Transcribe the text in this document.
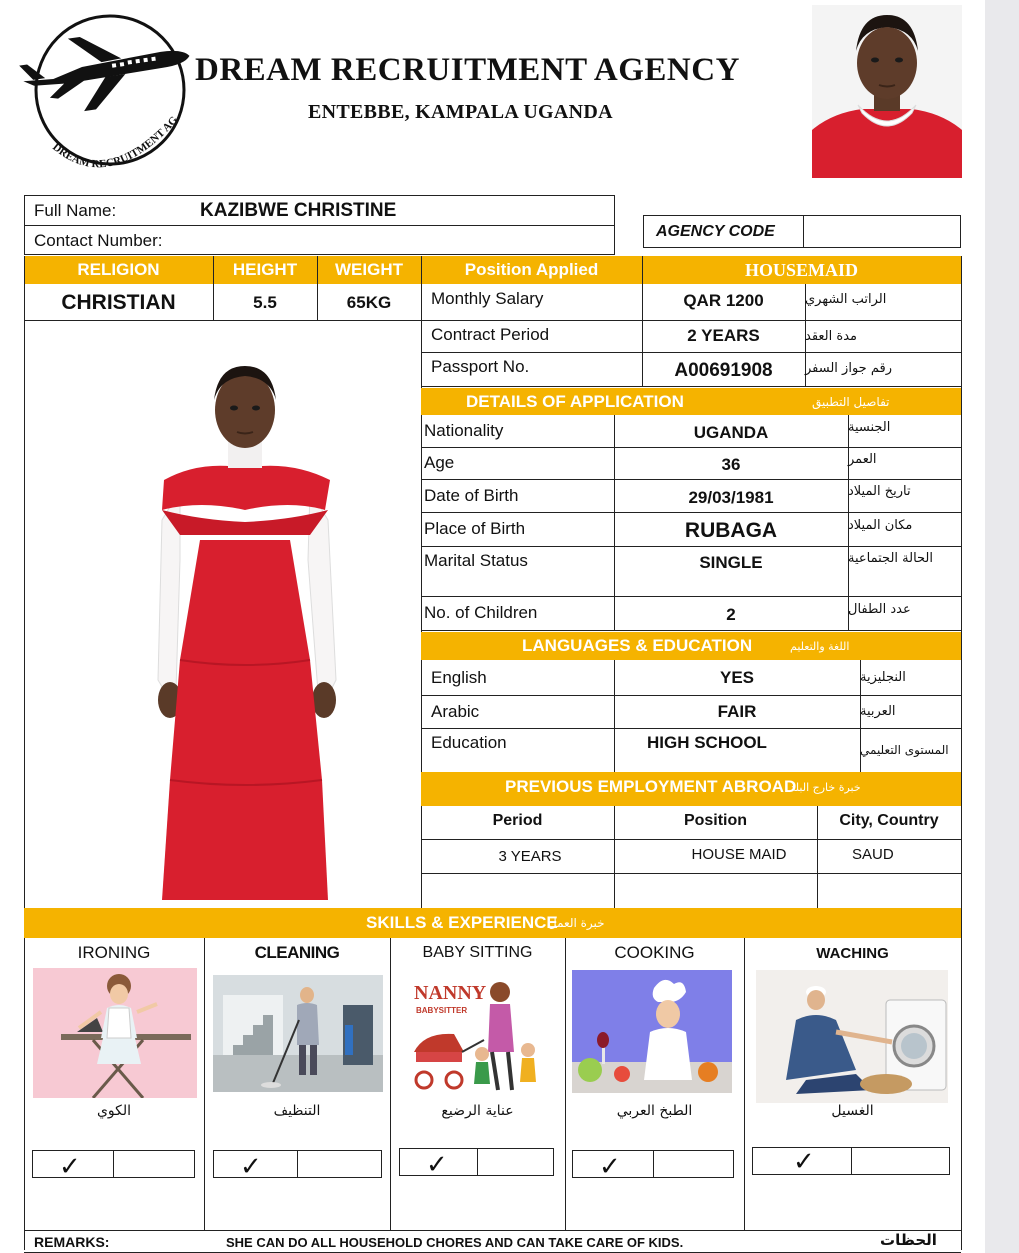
DREAM RECRUITMENT AG
DREAM RECRUITMENT AGENCY
ENTEBBE, KAMPALA UGANDA
Full Name:	KAZIBWE CHRISTINE
Contact Number:	AGENCY CODE
RELIGION	HEIGHT	WEIGHT	Position Applied	HOUSEMAID
CHRISTIAN	5.5	65KG	Monthly Salary	QAR 1200	الراتب الشهري
Contract Period	2 YEARS	مدة العقد
Passport No.	A00691908	رقم جواز السفر
DETAILS OF APPLICATION	تفاصيل التطبيق
Nationality	UGANDA	الجنسية
Age	36	العمر
Date of Birth	29/03/1981	تاريخ الميلاد
Place of Birth	RUBAGA	مكان الميلاد
Marital Status	SINGLE	الحالة الجتماعية
No. of Children	2	عدد الطفال
LANGUAGES & EDUCATION	اللغة والتعليم
English	YES	النجليزية
Arabic	FAIR	العربية
Education	HIGH SCHOOL	المستوى التعليمي
PREVIOUS EMPLOYMENT ABROAD
خبرة خارج البلد
Period	Position	City, Country
3 YEARS	HOUSE MAID	SAUD
SKILLS & EXPERIENCE
خبرة العمل
IRONING	CLEANING	BABY SITTING	COOKING	WACHING
NANNY
BABYSITTER
الكوي	التنظيف	عناية الرضيع	الطبخ العربي	الغسيل
✓	✓	✓	✓	✓
REMARKS:	SHE CAN DO ALL HOUSEHOLD CHORES AND CAN TAKE CARE OF KIDS.	الحظات
